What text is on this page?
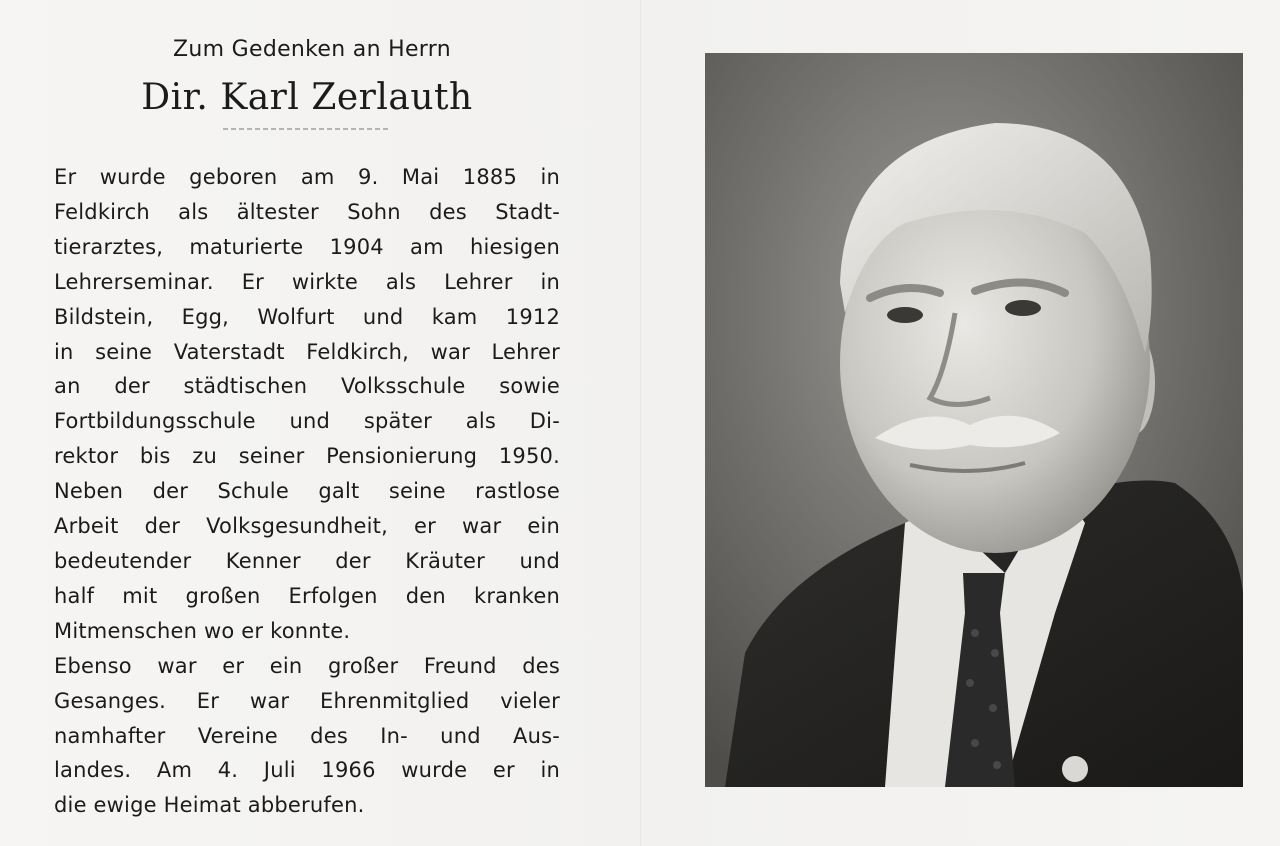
Zum Gedenken an Herrn
Dir. Karl Zerlauth
Er wurde geboren am 9. Mai 1885 in
Feldkirch als ältester Sohn des Stadt-
tierarztes, maturierte 1904 am hiesigen
Lehrerseminar. Er wirkte als Lehrer in
Bildstein, Egg, Wolfurt und kam 1912
in seine Vaterstadt Feldkirch, war Lehrer
an der städtischen Volksschule sowie
Fortbildungsschule und später als Di-
rektor bis zu seiner Pensionierung 1950.
Neben der Schule galt seine rastlose
Arbeit der Volksgesundheit, er war ein
bedeutender Kenner der Kräuter und
half mit großen Erfolgen den kranken
Mitmenschen wo er konnte.
Ebenso war er ein großer Freund des
Gesanges. Er war Ehrenmitglied vieler
namhafter Vereine des In- und Aus-
landes. Am 4. Juli 1966 wurde er in
die ewige Heimat abberufen.
